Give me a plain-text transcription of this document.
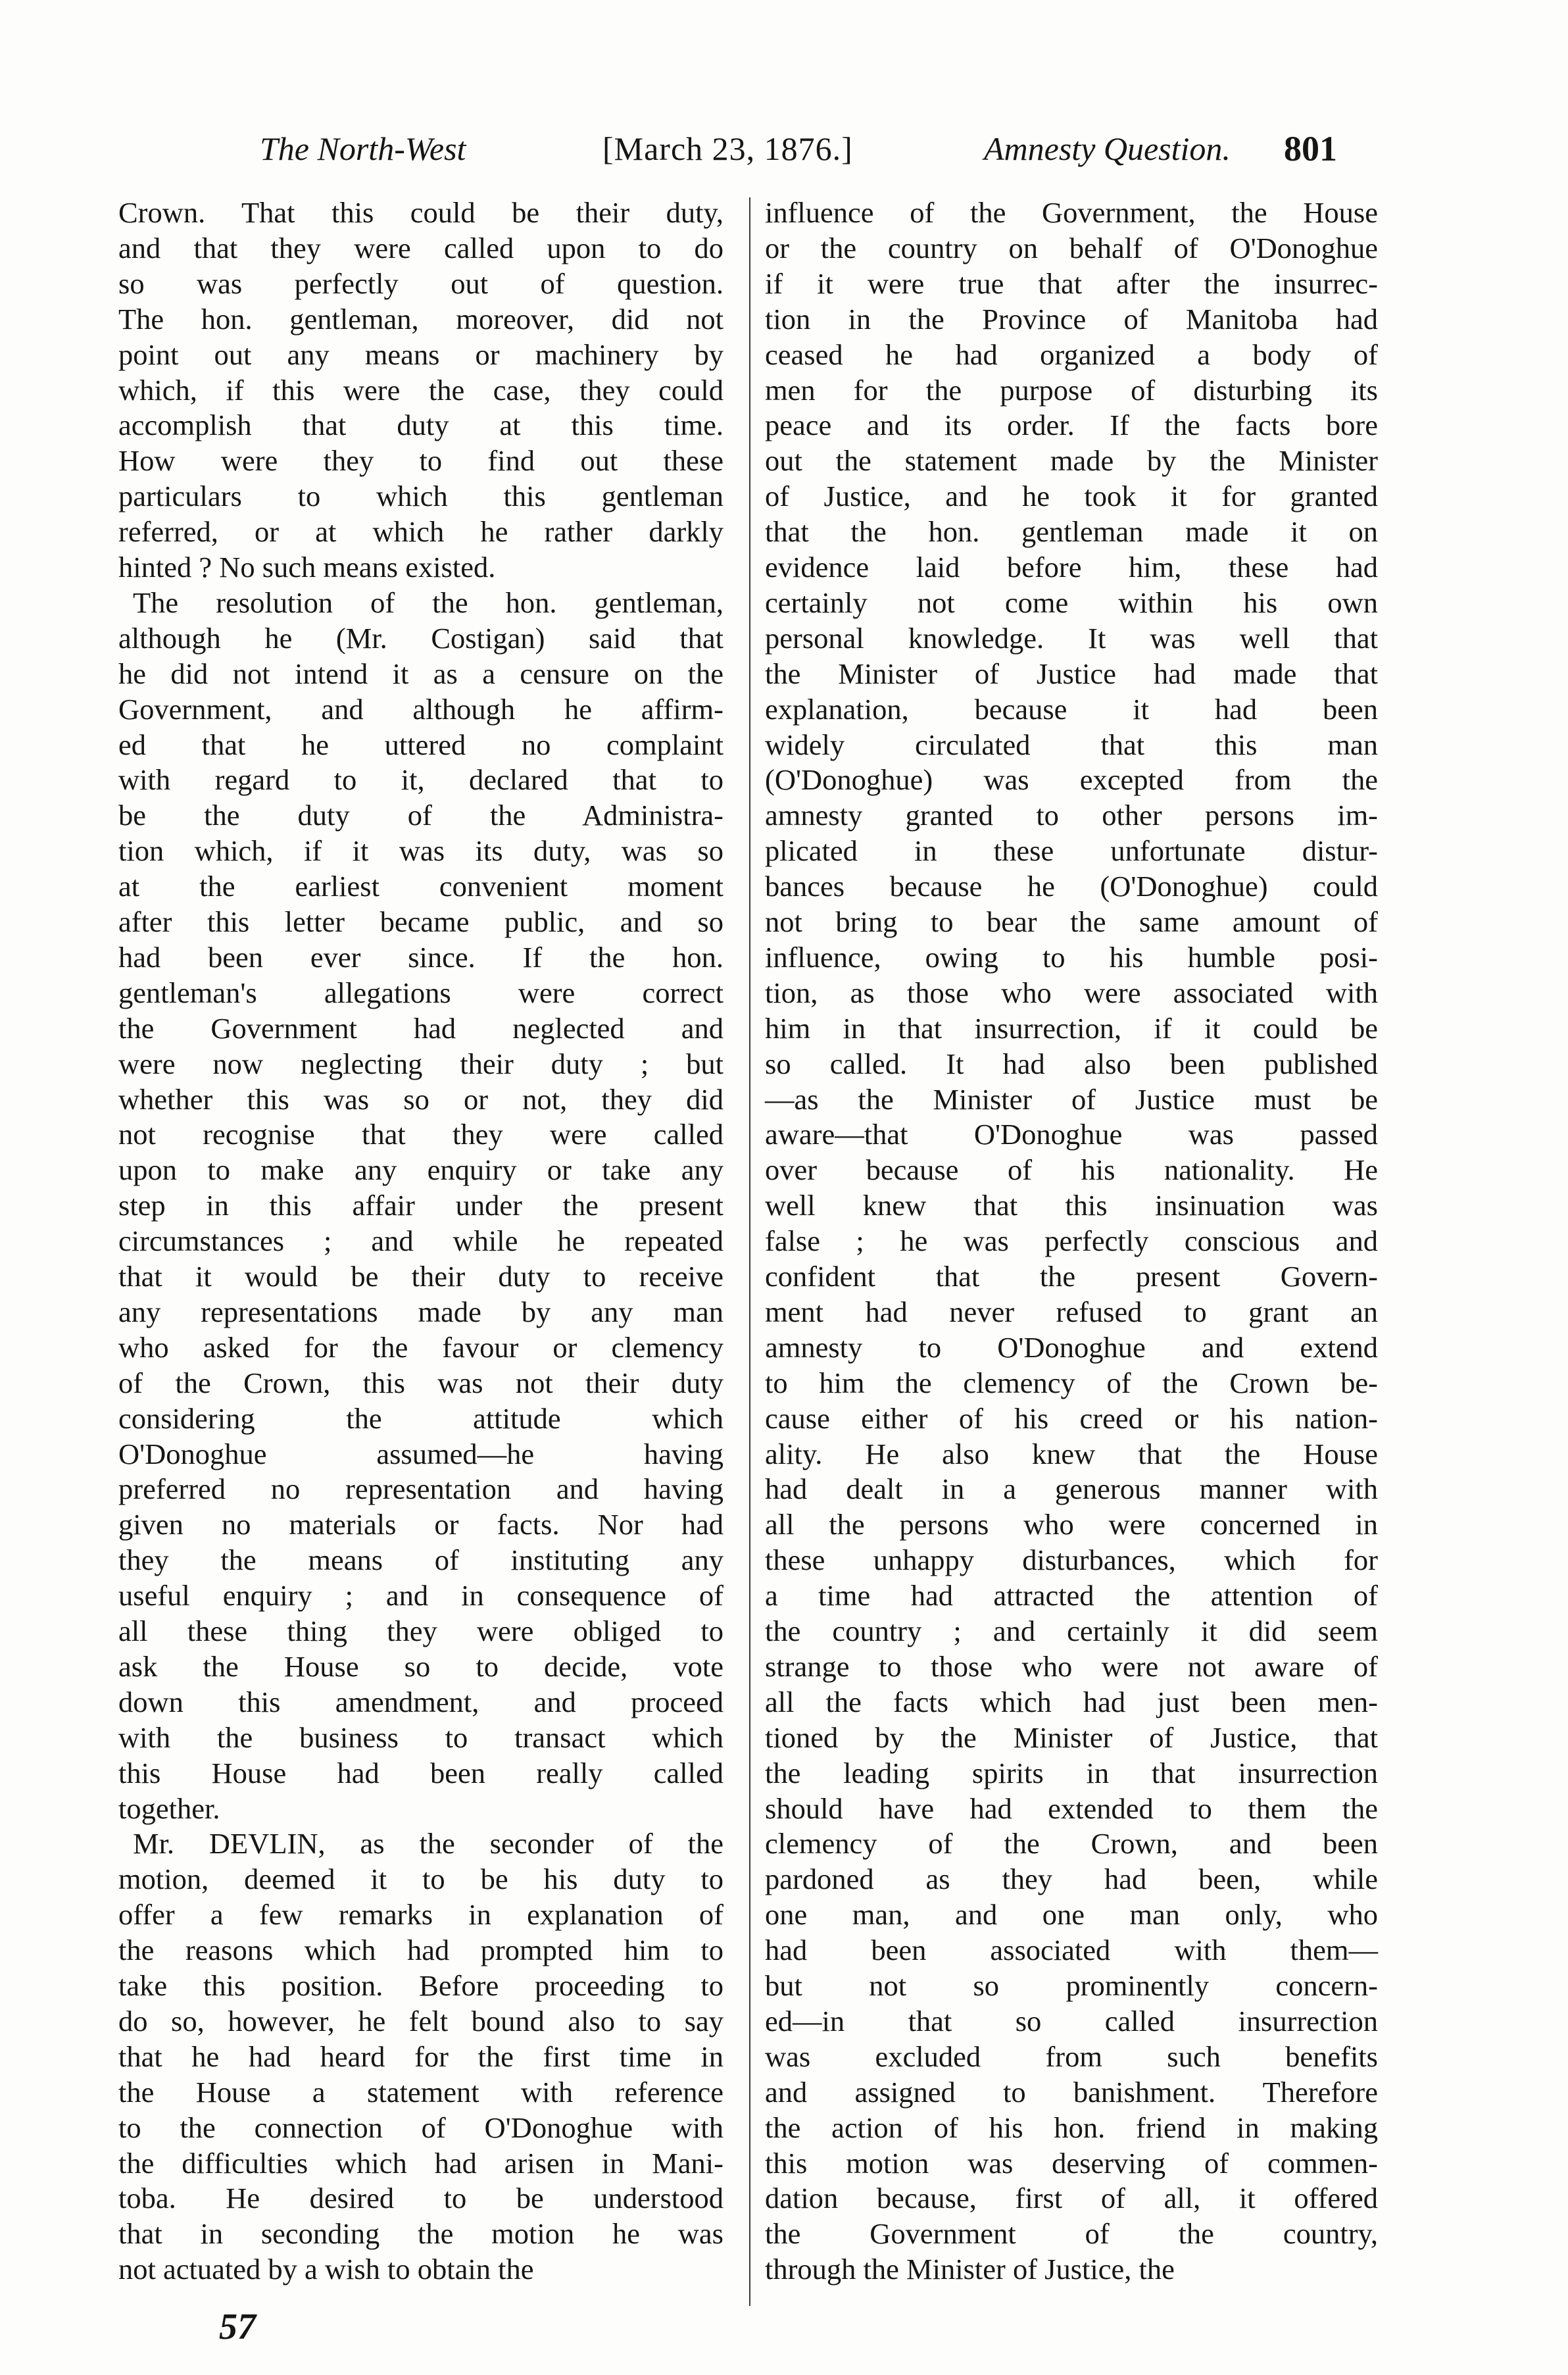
The North-West	[March 23, 1876.]	Amnesty Question. 801
Crown. That this could be their duty,
and that they were called upon to do
so was perfectly out of question.
The hon. gentleman, moreover, did not
point out any means or machinery by
which, if this were the case, they could
accomplish that duty at this time.
How were they to find out these
particulars to which this gentleman
referred, or at which he rather darkly
hinted ? No such means existed.
The resolution of the hon. gentleman,
although he (Mr. Costigan) said that
he did not intend it as a censure on the
Government, and although he affirm-
ed that he uttered no complaint
with regard to it, declared that to
be the duty of the Administra-
tion which, if it was its duty, was so
at the earliest convenient moment
after this letter became public, and so
had been ever since. If the hon.
gentleman's allegations were correct
the Government had neglected and
were now neglecting their duty ; but
whether this was so or not, they did
not recognise that they were called
upon to make any enquiry or take any
step in this affair under the present
circumstances ; and while he repeated
that it would be their duty to receive
any representations made by any man
who asked for the favour or clemency
of the Crown, this was not their duty
considering the attitude which
O'Donoghue assumed—he having
preferred no representation and having
given no materials or facts. Nor had
they the means of instituting any
useful enquiry ; and in consequence of
all these thing they were obliged to
ask the House so to decide, vote
down this amendment, and proceed
with the business to transact which
this House had been really called
together.
Mr. DEVLIN, as the seconder of the
motion, deemed it to be his duty to
offer a few remarks in explanation of
the reasons which had prompted him to
take this position. Before proceeding to
do so, however, he felt bound also to say
that he had heard for the first time in
the House a statement with reference
to the connection of O'Donoghue with
the difficulties which had arisen in Mani-
toba. He desired to be understood
that in seconding the motion he was
not actuated by a wish to obtain the
influence of the Government, the House
or the country on behalf of O'Donoghue
if it were true that after the insurrec-
tion in the Province of Manitoba had
ceased he had organized a body of
men for the purpose of disturbing its
peace and its order. If the facts bore
out the statement made by the Minister
of Justice, and he took it for granted
that the hon. gentleman made it on
evidence laid before him, these had
certainly not come within his own
personal knowledge. It was well that
the Minister of Justice had made that
explanation, because it had been
widely circulated that this man
(O'Donoghue) was excepted from the
amnesty granted to other persons im-
plicated in these unfortunate distur-
bances because he (O'Donoghue) could
not bring to bear the same amount of
influence, owing to his humble posi-
tion, as those who were associated with
him in that insurrection, if it could be
so called. It had also been published
—as the Minister of Justice must be
aware—that O'Donoghue was passed
over because of his nationality. He
well knew that this insinuation was
false ; he was perfectly conscious and
confident that the present Govern-
ment had never refused to grant an
amnesty to O'Donoghue and extend
to him the clemency of the Crown be-
cause either of his creed or his nation-
ality. He also knew that the House
had dealt in a generous manner with
all the persons who were concerned in
these unhappy disturbances, which for
a time had attracted the attention of
the country ; and certainly it did seem
strange to those who were not aware of
all the facts which had just been men-
tioned by the Minister of Justice, that
the leading spirits in that insurrection
should have had extended to them the
clemency of the Crown, and been
pardoned as they had been, while
one man, and one man only, who
had been associated with them—
but not so prominently concern-
ed—in that so called insurrection
was excluded from such benefits
and assigned to banishment. Therefore
the action of his hon. friend in making
this motion was deserving of commen-
dation because, first of all, it offered
the Government of the country,
through the Minister of Justice, the
57
